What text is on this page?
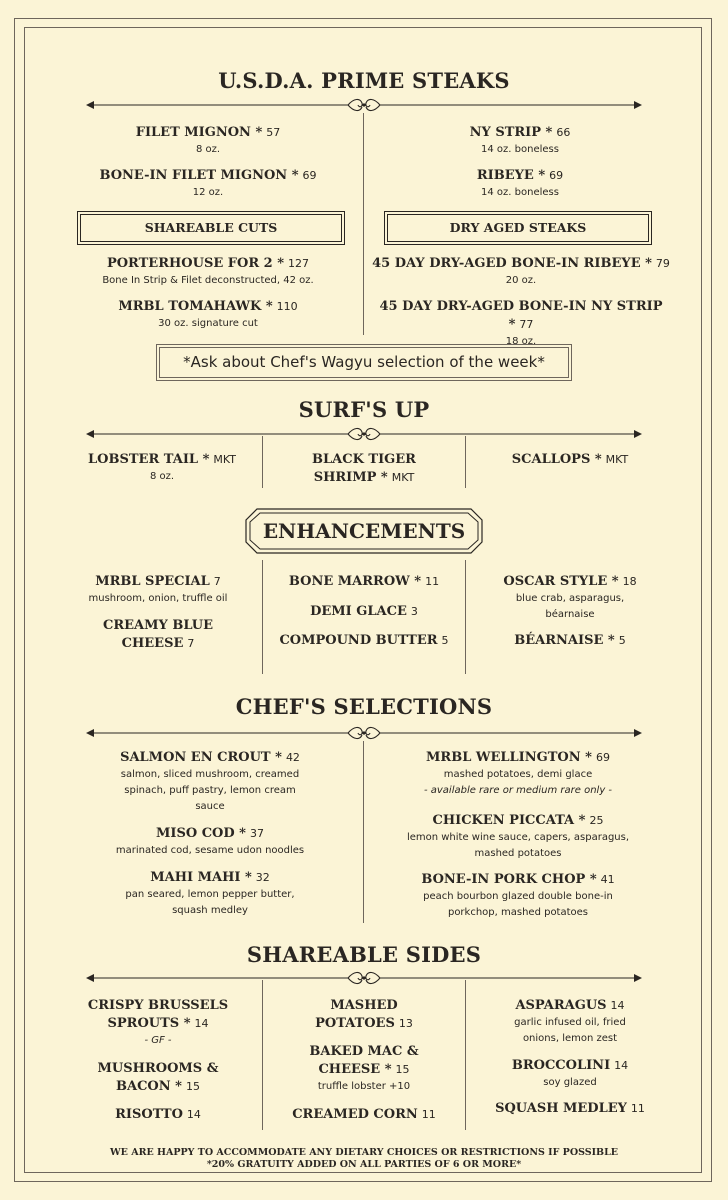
U.S.D.A. PRIME STEAKS
FILET MIGNON * 57
8 oz.
BONE-IN FILET MIGNON * 69
12 oz.
NY STRIP * 66
14 oz. boneless
RIBEYE * 69
14 oz. boneless
SHAREABLE CUTS	DRY AGED STEAKS
PORTERHOUSE FOR 2 * 127
Bone In Strip & Filet deconstructed, 42 oz.
MRBL TOMAHAWK * 110
30 oz. signature cut
45 DAY DRY-AGED BONE-IN RIBEYE * 79
20 oz.
45 DAY DRY-AGED BONE-IN NY STRIP * 77
18 oz.
*Ask about Chef's Wagyu selection of the week*
SURF'S UP
LOBSTER TAIL * MKT
8 oz.
BLACK TIGER
SHRIMP * MKT
SCALLOPS * MKT
ENHANCEMENTS
MRBL SPECIAL 7
mushroom, onion, truffle oil
CREAMY BLUE
CHEESE 7
BONE MARROW * 11
DEMI GLACE 3
COMPOUND BUTTER 5
OSCAR STYLE * 18
blue crab, asparagus,
béarnaise
BÉARNAISE * 5
CHEF'S SELECTIONS
SALMON EN CROUT * 42
salmon, sliced mushroom, creamed
spinach, puff pastry, lemon cream
sauce
MISO COD * 37
marinated cod, sesame udon noodles
MAHI MAHI * 32
pan seared, lemon pepper butter,
squash medley
MRBL WELLINGTON * 69
mashed potatoes, demi glace
- available rare or medium rare only -
CHICKEN PICCATA * 25
lemon white wine sauce, capers, asparagus,
mashed potatoes
BONE-IN PORK CHOP * 41
peach bourbon glazed double bone-in
porkchop, mashed potatoes
SHAREABLE SIDES
CRISPY BRUSSELS
SPROUTS * 14
- GF -
MUSHROOMS &
BACON * 15
RISOTTO 14
MASHED
POTATOES 13
BAKED MAC &
CHEESE * 15
truffle lobster +10
CREAMED CORN 11
ASPARAGUS 14
garlic infused oil, fried
onions, lemon zest
BROCCOLINI 14
soy glazed
SQUASH MEDLEY 11
WE ARE HAPPY TO ACCOMMODATE ANY DIETARY CHOICES OR RESTRICTIONS IF POSSIBLE
*20% GRATUITY ADDED ON ALL PARTIES OF 6 OR MORE*
